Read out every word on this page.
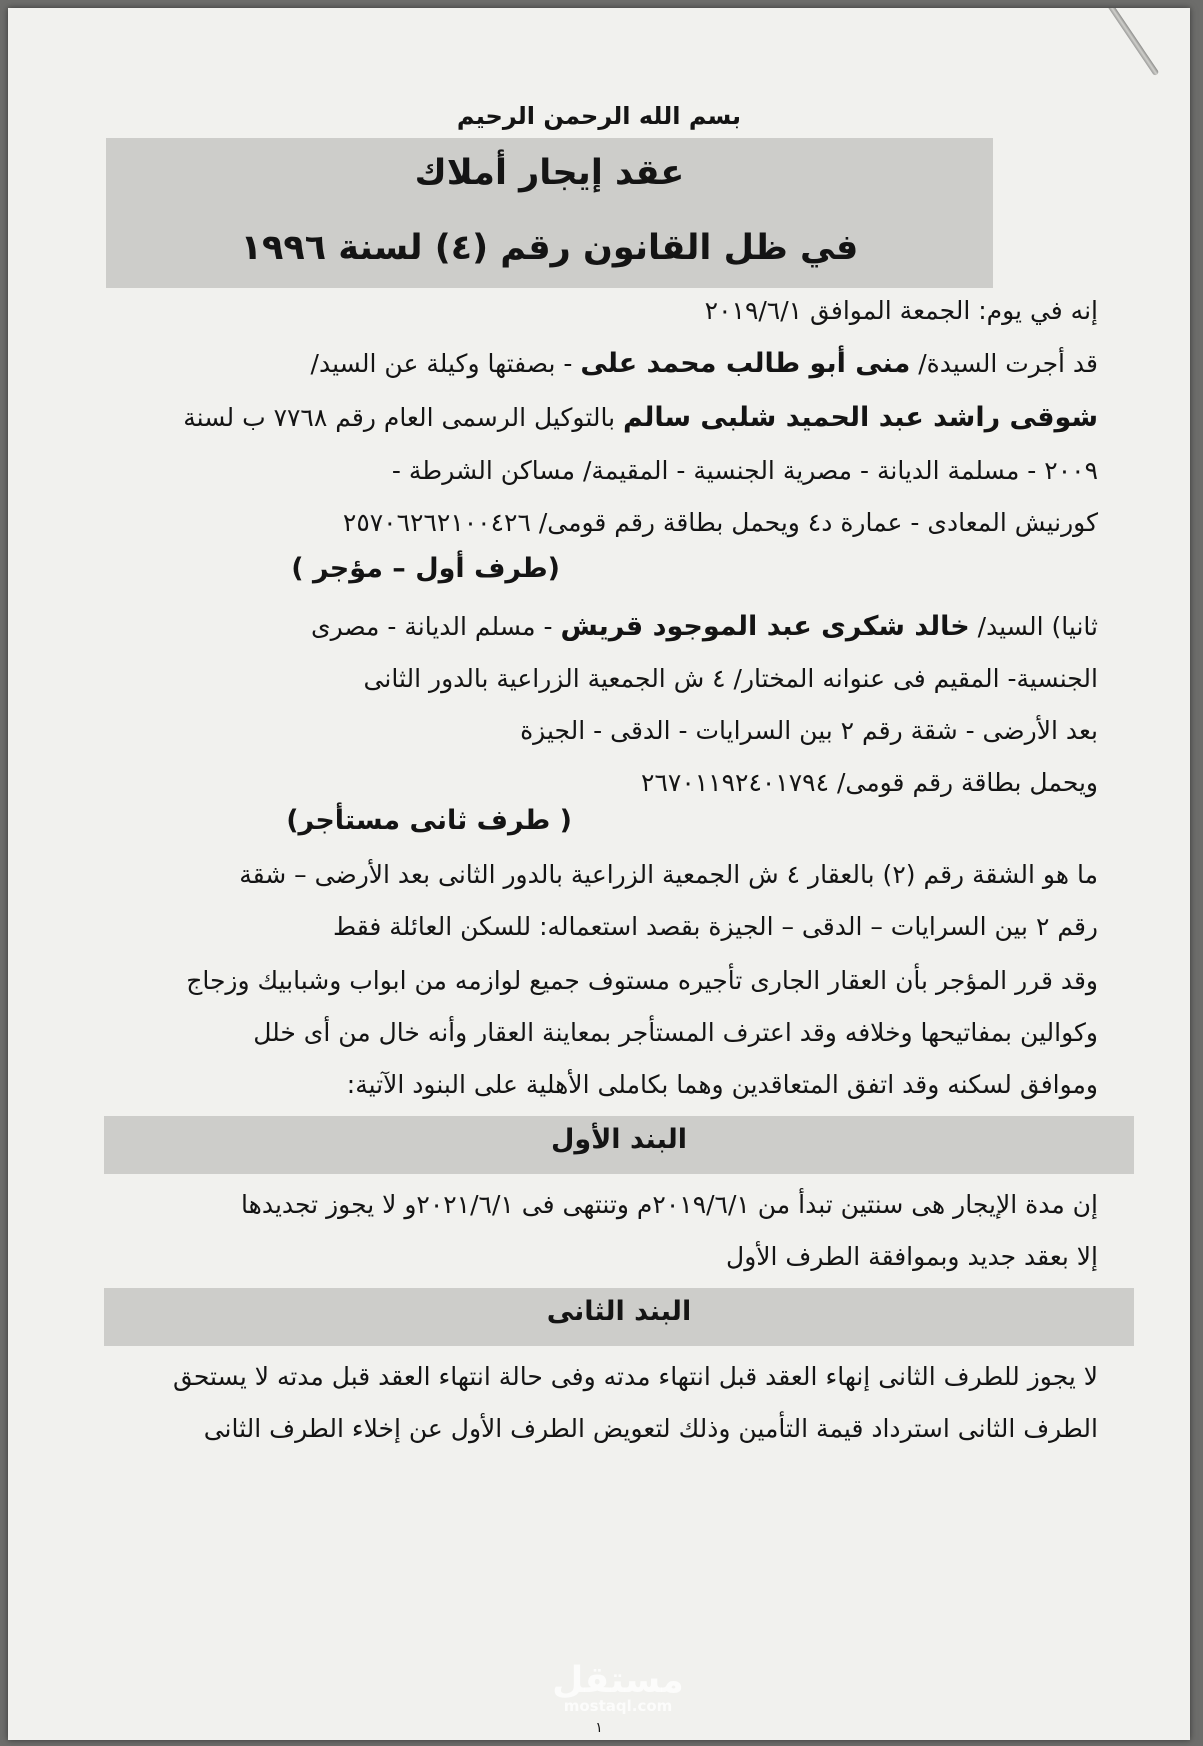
بسم الله الرحمن الرحيم
عقد إيجار أملاك
في ظل القانون رقم (٤) لسنة ١٩٩٦
إنه في يوم: الجمعة الموافق ٢٠١٩/٦/١
قد أجرت السيدة/ منى أبو طالب محمد على - بصفتها وكيلة عن السيد/
شوقى راشد عبد الحميد شلبى سالم بالتوكيل الرسمى العام رقم ٧٧٦٨ ب لسنة
٢٠٠٩ - مسلمة الديانة - مصرية الجنسية - المقيمة/ مساكن الشرطة -
كورنيش المعادى - عمارة د٤ ويحمل بطاقة رقم قومى/ ٢٥٧٠٦٢٦٢١٠٠٤٢٦
(طرف أول – مؤجر )
ثانيا) السيد/ خالد شكرى عبد الموجود قريش - مسلم الديانة - مصرى
الجنسية- المقيم فى عنوانه المختار/ ٤ ش الجمعية الزراعية بالدور الثانى
بعد الأرضى - شقة رقم ٢ بين السرايات - الدقى - الجيزة
ويحمل بطاقة رقم قومى/ ٢٦٧٠١١٩٢٤٠١٧٩٤
( طرف ثانى مستأجر)
ما هو الشقة رقم (٢) بالعقار ٤ ش الجمعية الزراعية بالدور الثانى بعد الأرضى – شقة
رقم ٢ بين السرايات – الدقى – الجيزة بقصد استعماله: للسكن العائلة فقط
وقد قرر المؤجر بأن العقار الجارى تأجيره مستوف جميع لوازمه من ابواب وشبابيك وزجاج
وكوالين بمفاتيحها وخلافه وقد اعترف المستأجر بمعاينة العقار وأنه خال من أى خلل
وموافق لسكنه وقد اتفق المتعاقدين وهما بكاملى الأهلية على البنود الآتية:
البند الأول
إن مدة الإيجار هى سنتين تبدأ من ٢٠١٩/٦/١م وتنتهى فى ٢٠٢١/٦/١و لا يجوز تجديدها
إلا بعقد جديد وبموافقة الطرف الأول
البند الثانى
لا يجوز للطرف الثانى إنهاء العقد قبل انتهاء مدته وفى حالة انتهاء العقد قبل مدته لا يستحق
الطرف الثانى استرداد قيمة التأمين وذلك لتعويض الطرف الأول عن إخلاء الطرف الثانى
مستقل
mostaql.com
١
